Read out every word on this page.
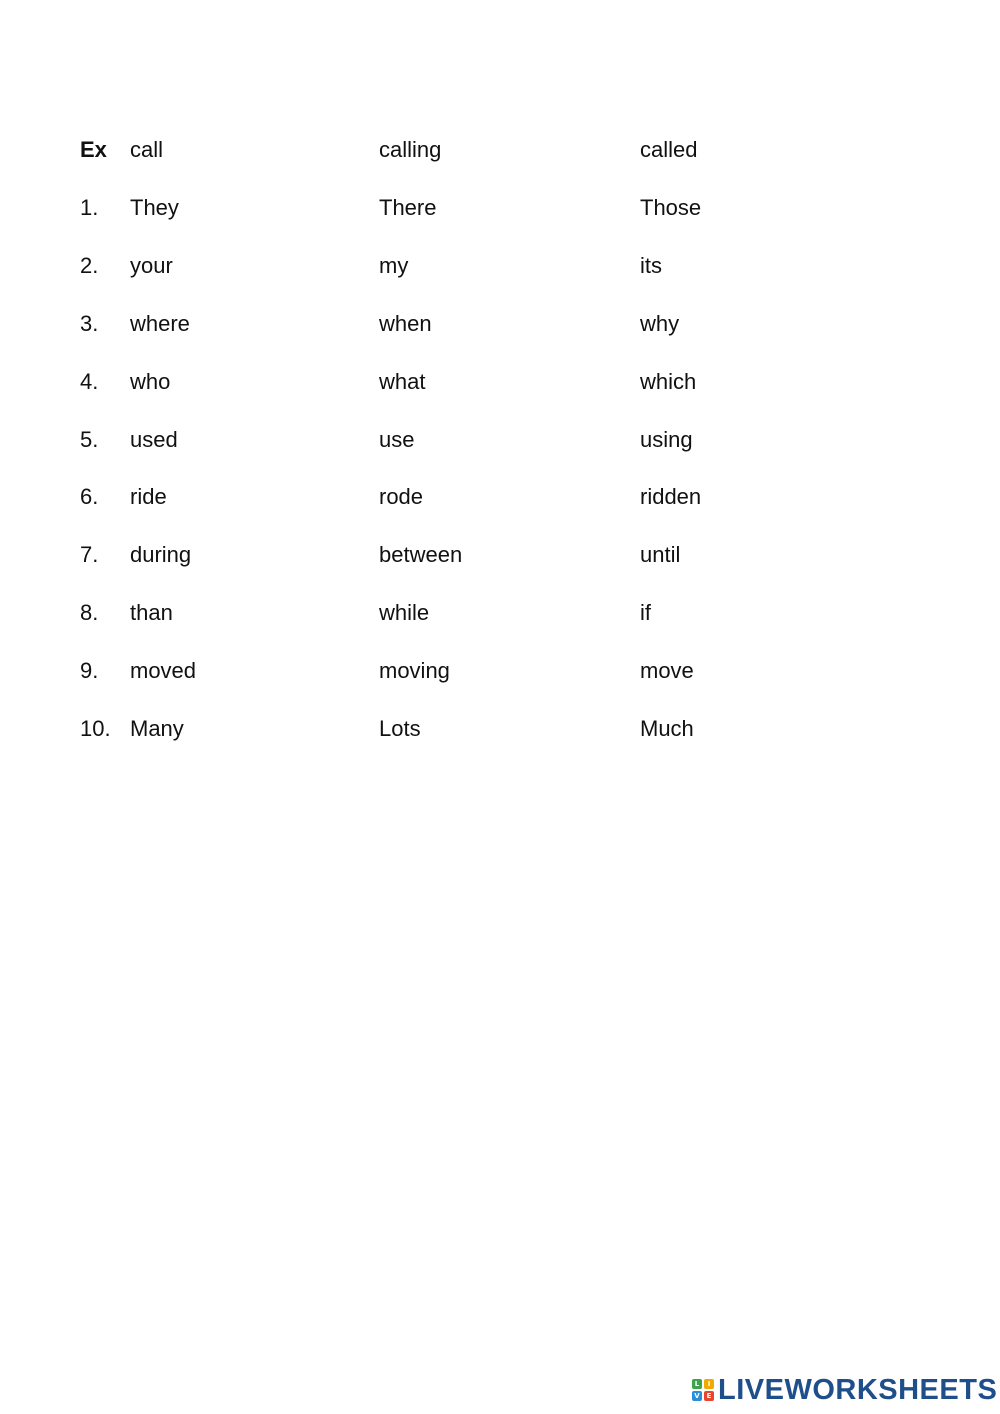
Ex call	calling	called
1. They	There	Those
2. your	my	its
3. where	when	why
4. who	what	which
5. used	use	using
6. ride	rode	ridden
7. during	between	until
8. than	while	if
9. moved	moving	move
10. Many	Lots	Much
L	I
V E LIVEWORKSHEETS
